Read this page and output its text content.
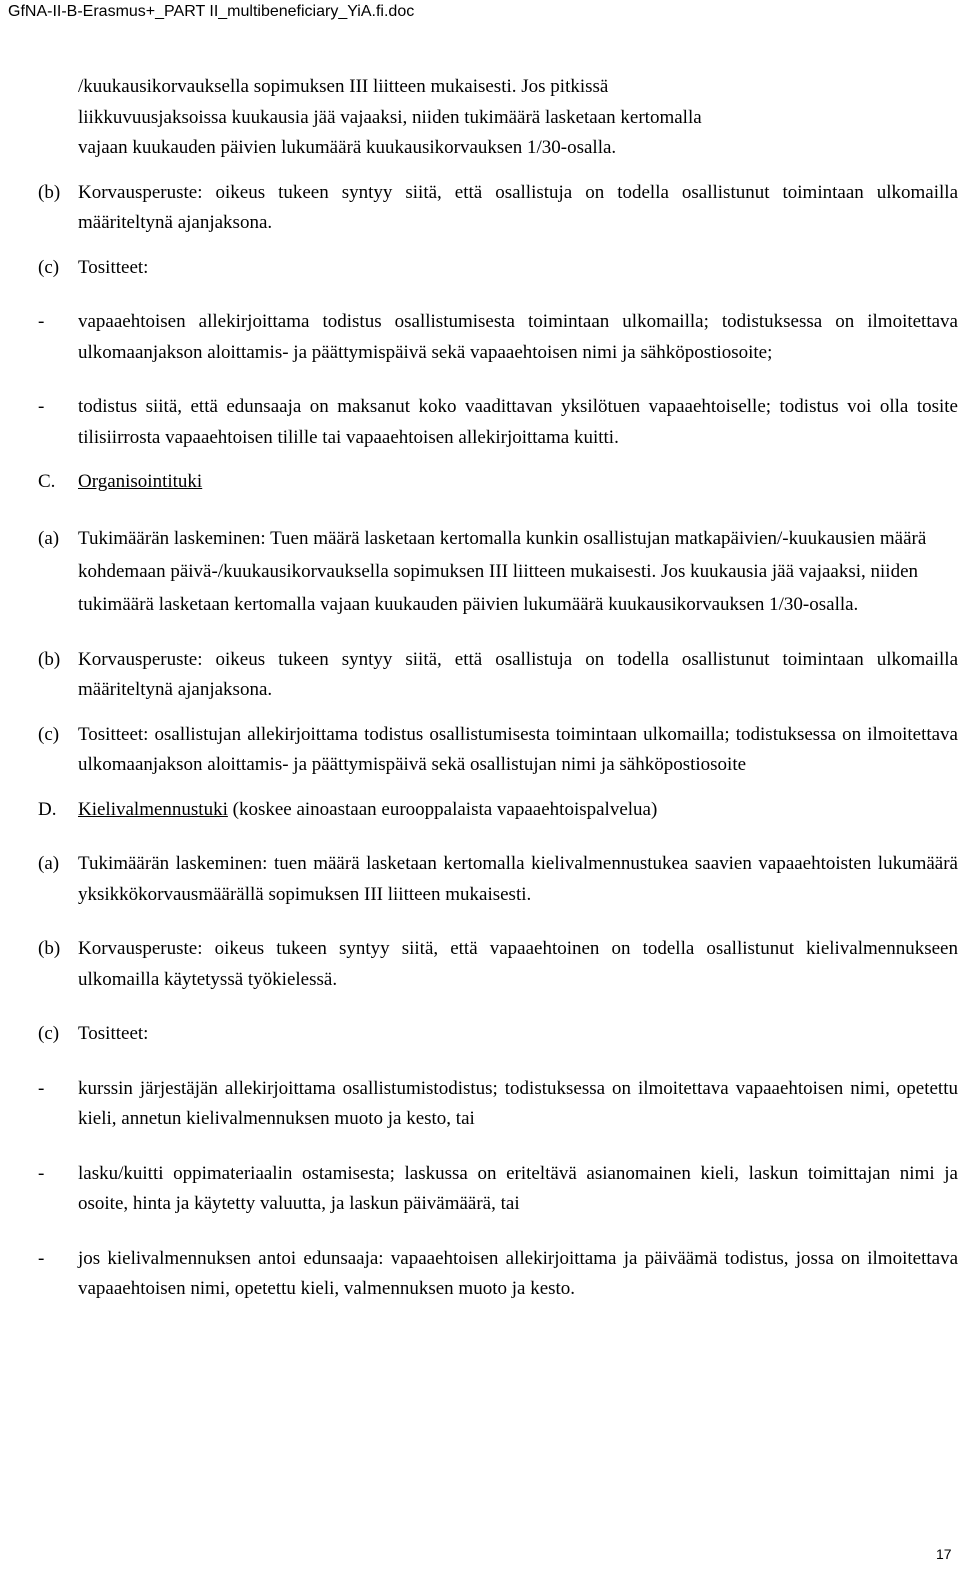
GfNA-II-B-Erasmus+_PART II_multibeneficiary_YiA.fi.doc
/kuukausikorvauksella sopimuksen III liitteen mukaisesti. Jos pitkissä
liikkuvuusjaksoissa kuukausia jää vajaaksi, niiden tukimäärä lasketaan kertomalla
vajaan kuukauden päivien lukumäärä kuukausikorvauksen 1/30-osalla.
(b) Korvausperuste: oikeus tukeen syntyy siitä, että osallistuja on todella osallistunut toimintaan ulkomailla määriteltynä ajanjaksona.
(c) Tositteet:
- vapaaehtoisen allekirjoittama todistus osallistumisesta toimintaan ulkomailla; todistuksessa on ilmoitettava ulkomaanjakson aloittamis- ja päättymispäivä sekä vapaaehtoisen nimi ja sähköpostiosoite;
- todistus siitä, että edunsaaja on maksanut koko vaadittavan yksilötuen vapaaehtoiselle; todistus voi olla tosite tilisiirrosta vapaaehtoisen tilille tai vapaaehtoisen allekirjoittama kuitti.
C. Organisointituki
(a) Tukimäärän laskeminen: Tuen määrä lasketaan kertomalla kunkin osallistujan matkapäivien/-kuukausien määrä kohdemaan päivä-/kuukausikorvauksella sopimuksen III liitteen mukaisesti. Jos kuukausia jää vajaaksi, niiden tukimäärä lasketaan kertomalla vajaan kuukauden päivien lukumäärä kuukausikorvauksen 1/30-osalla.
(b) Korvausperuste: oikeus tukeen syntyy siitä, että osallistuja on todella osallistunut toimintaan ulkomailla määriteltynä ajanjaksona.
(c) Tositteet: osallistujan allekirjoittama todistus osallistumisesta toimintaan ulkomailla; todistuksessa on ilmoitettava ulkomaanjakson aloittamis- ja päättymispäivä sekä osallistujan nimi ja sähköpostiosoite
D. Kielivalmennustuki (koskee ainoastaan eurooppalaista vapaaehtoispalvelua)
(a) Tukimäärän laskeminen: tuen määrä lasketaan kertomalla kielivalmennustukea saavien vapaaehtoisten lukumäärä yksikkökorvausmäärällä sopimuksen III liitteen mukaisesti.
(b) Korvausperuste: oikeus tukeen syntyy siitä, että vapaaehtoinen on todella osallistunut kielivalmennukseen ulkomailla käytetyssä työkielessä.
(c) Tositteet:
- kurssin järjestäjän allekirjoittama osallistumistodistus; todistuksessa on ilmoitettava vapaaehtoisen nimi, opetettu kieli, annetun kielivalmennuksen muoto ja kesto, tai
- lasku/kuitti oppimateriaalin ostamisesta; laskussa on eriteltävä asianomainen kieli, laskun toimittajan nimi ja osoite, hinta ja käytetty valuutta, ja laskun päivämäärä, tai
- jos kielivalmennuksen antoi edunsaaja: vapaaehtoisen allekirjoittama ja päiväämä todistus, jossa on ilmoitettava vapaaehtoisen nimi, opetettu kieli, valmennuksen muoto ja kesto.
17
